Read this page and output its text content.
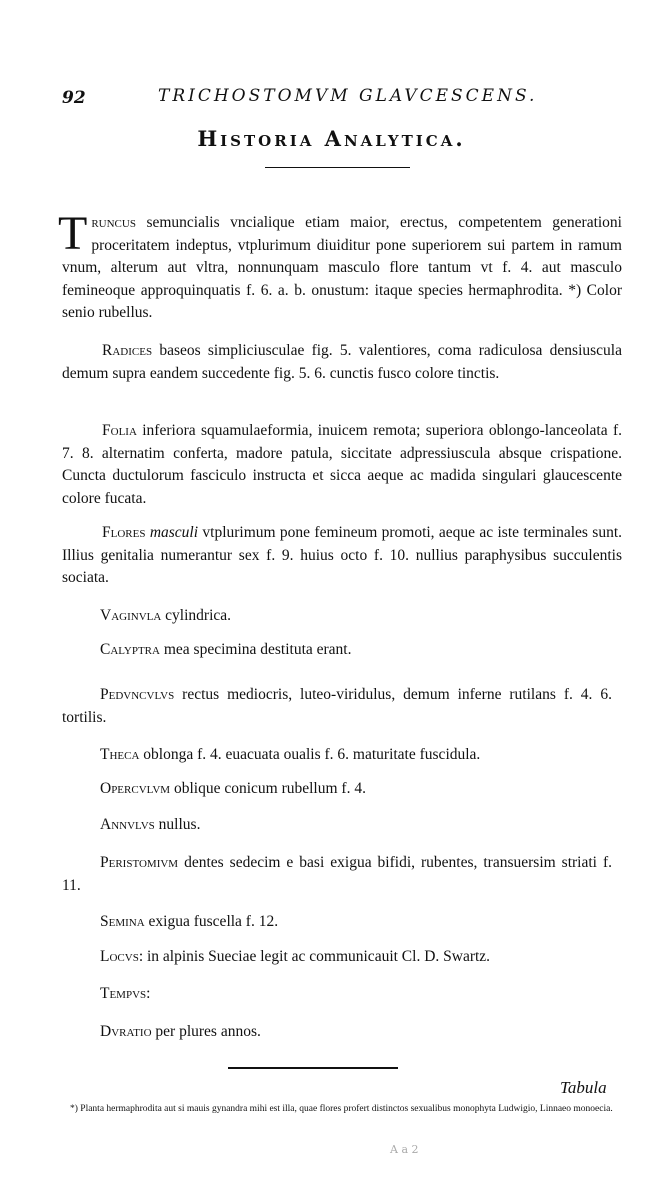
92	TRICHOSTOMVM GLAVCESCENS.
Historia Analytica.
Truncus semuncialis vncialique etiam maior, erectus, competentem generationi proceritatem indeptus, vtplurimum diuiditur pone superiorem sui partem in ramum vnum, alterum aut vltra, nonnunquam masculo flore tantum vt f. 4. aut masculo femineoque approquinquatis f. 6. a. b. onustum: itaque species hermaphrodita. *) Color senio rubellus.
Radices baseos simpliciusculae fig. 5. valentiores, coma radiculosa densiuscula demum supra eandem succedente fig. 5. 6. cunctis fusco colore tinctis.
Folia inferiora squamulaeformia, inuicem remota; superiora oblongo-lanceolata f. 7. 8. alternatim conferta, madore patula, siccitate adpressiuscula absque crispatione. Cuncta ductulorum fasciculo instructa et sicca aeque ac madida singulari glaucescente colore fucata.
Flores masculi vtplurimum pone femineum promoti, aeque ac iste terminales sunt. Illius genitalia numerantur sex f. 9. huius octo f. 10. nullius paraphysibus succulentis sociata.
Vaginvla cylindrica.
Calyptra mea specimina destituta erant.
Pedvncvlvs rectus mediocris, luteo-viridulus, demum inferne rutilans f. 4. 6. tortilis.
Theca oblonga f. 4. euacuata oualis f. 6. maturitate fuscidula.
Opercvlvm oblique conicum rubellum f. 4.
Annvlvs nullus.
Peristomivm dentes sedecim e basi exigua bifidi, rubentes, transuersim striati f. 11.
Semina exigua fuscella f. 12.
Locvs: in alpinis Sueciae legit ac communicauit Cl. D. Swartz.
Tempvs:
Dvratio per plures annos.
Tabula
*) Planta hermaphrodita aut si mauis gynandra mihi est illa, quae flores profert distinctos sexualibus monophyta Ludwigio, Linnaeo monoecia.
A a 2
